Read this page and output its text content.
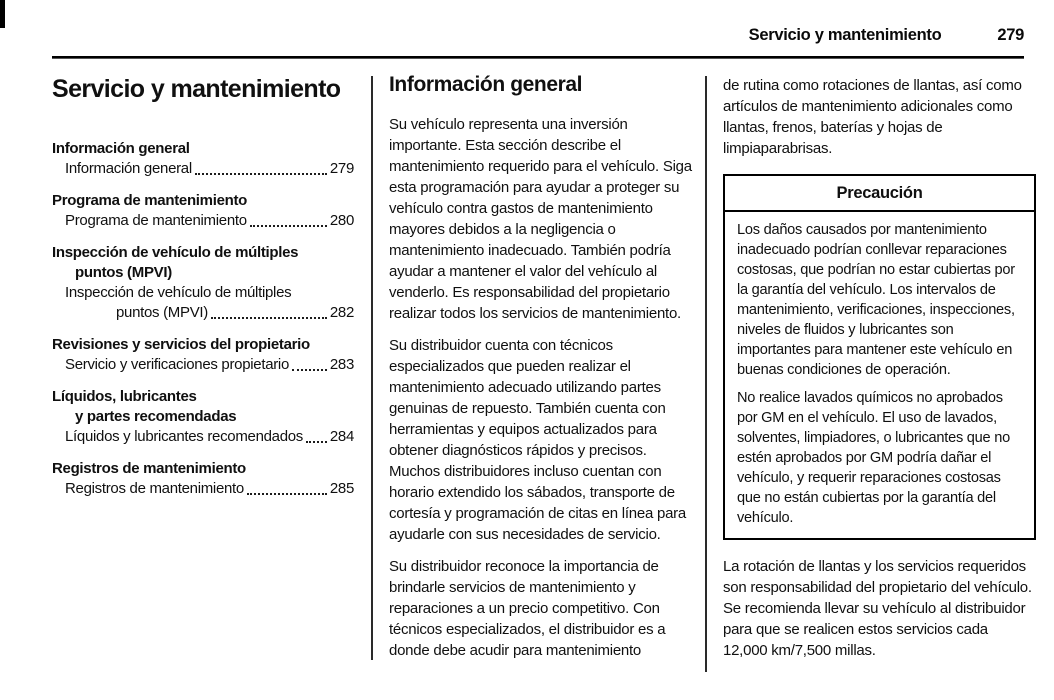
Servicio y mantenimiento	279
Servicio y mantenimiento
Información general
Información general	279
Programa de mantenimiento
Programa de mantenimiento	280
Inspección de vehículo de múltiples
puntos (MPVI)
Inspección de vehículo de múltiples
puntos (MPVI)	282
Revisiones y servicios del propietario
Servicio y verificaciones propietario	283
Líquidos, lubricantes
y partes recomendadas
Líquidos y lubricantes recomendados 284
Registros de mantenimiento
Registros de mantenimiento	285
Información general

Su vehículo representa una inversión importante. Esta sección describe el mantenimiento requerido para el vehículo. Siga esta programación para ayudar a proteger su vehículo contra gastos de mantenimiento mayores debidos a la negligencia o mantenimiento inadecuado. También podría ayudar a mantener el valor del vehículo al venderlo. Es responsabilidad del propietario realizar todos los servicios de mantenimiento.

Su distribuidor cuenta con técnicos especializados que pueden realizar el mantenimiento adecuado utilizando partes genuinas de repuesto. También cuenta con herramientas y equipos actualizados para obtener diagnósticos rápidos y precisos. Muchos distribuidores incluso cuentan con horario extendido los sábados, transporte de cortesía y programación de citas en línea para ayudarle con sus necesidades de servicio.

Su distribuidor reconoce la importancia de brindarle servicios de mantenimiento y reparaciones a un precio competitivo. Con técnicos especializados, el distribuidor es a donde debe acudir para mantenimiento

de rutina como rotaciones de llantas, así como artículos de mantenimiento adicionales como llantas, frenos, baterías y hojas de limpiaparabrisas.

Precaución

Los daños causados por mantenimiento inadecuado podrían conllevar reparaciones costosas, que podrían no estar cubiertas por la garantía del vehículo. Los intervalos de mantenimiento, verificaciones, inspecciones, niveles de fluidos y lubricantes son importantes para mantener este vehículo en buenas condiciones de operación.

No realice lavados químicos no aprobados por GM en el vehículo. El uso de lavados, solventes, limpiadores, o lubricantes que no estén aprobados por GM podría dañar el vehículo, y requerir reparaciones costosas que no están cubiertas por la garantía del vehículo.

La rotación de llantas y los servicios requeridos son responsabilidad del propietario del vehículo. Se recomienda llevar su vehículo al distribuidor para que se realicen estos servicios cada 12,000 km/7,500 millas.
